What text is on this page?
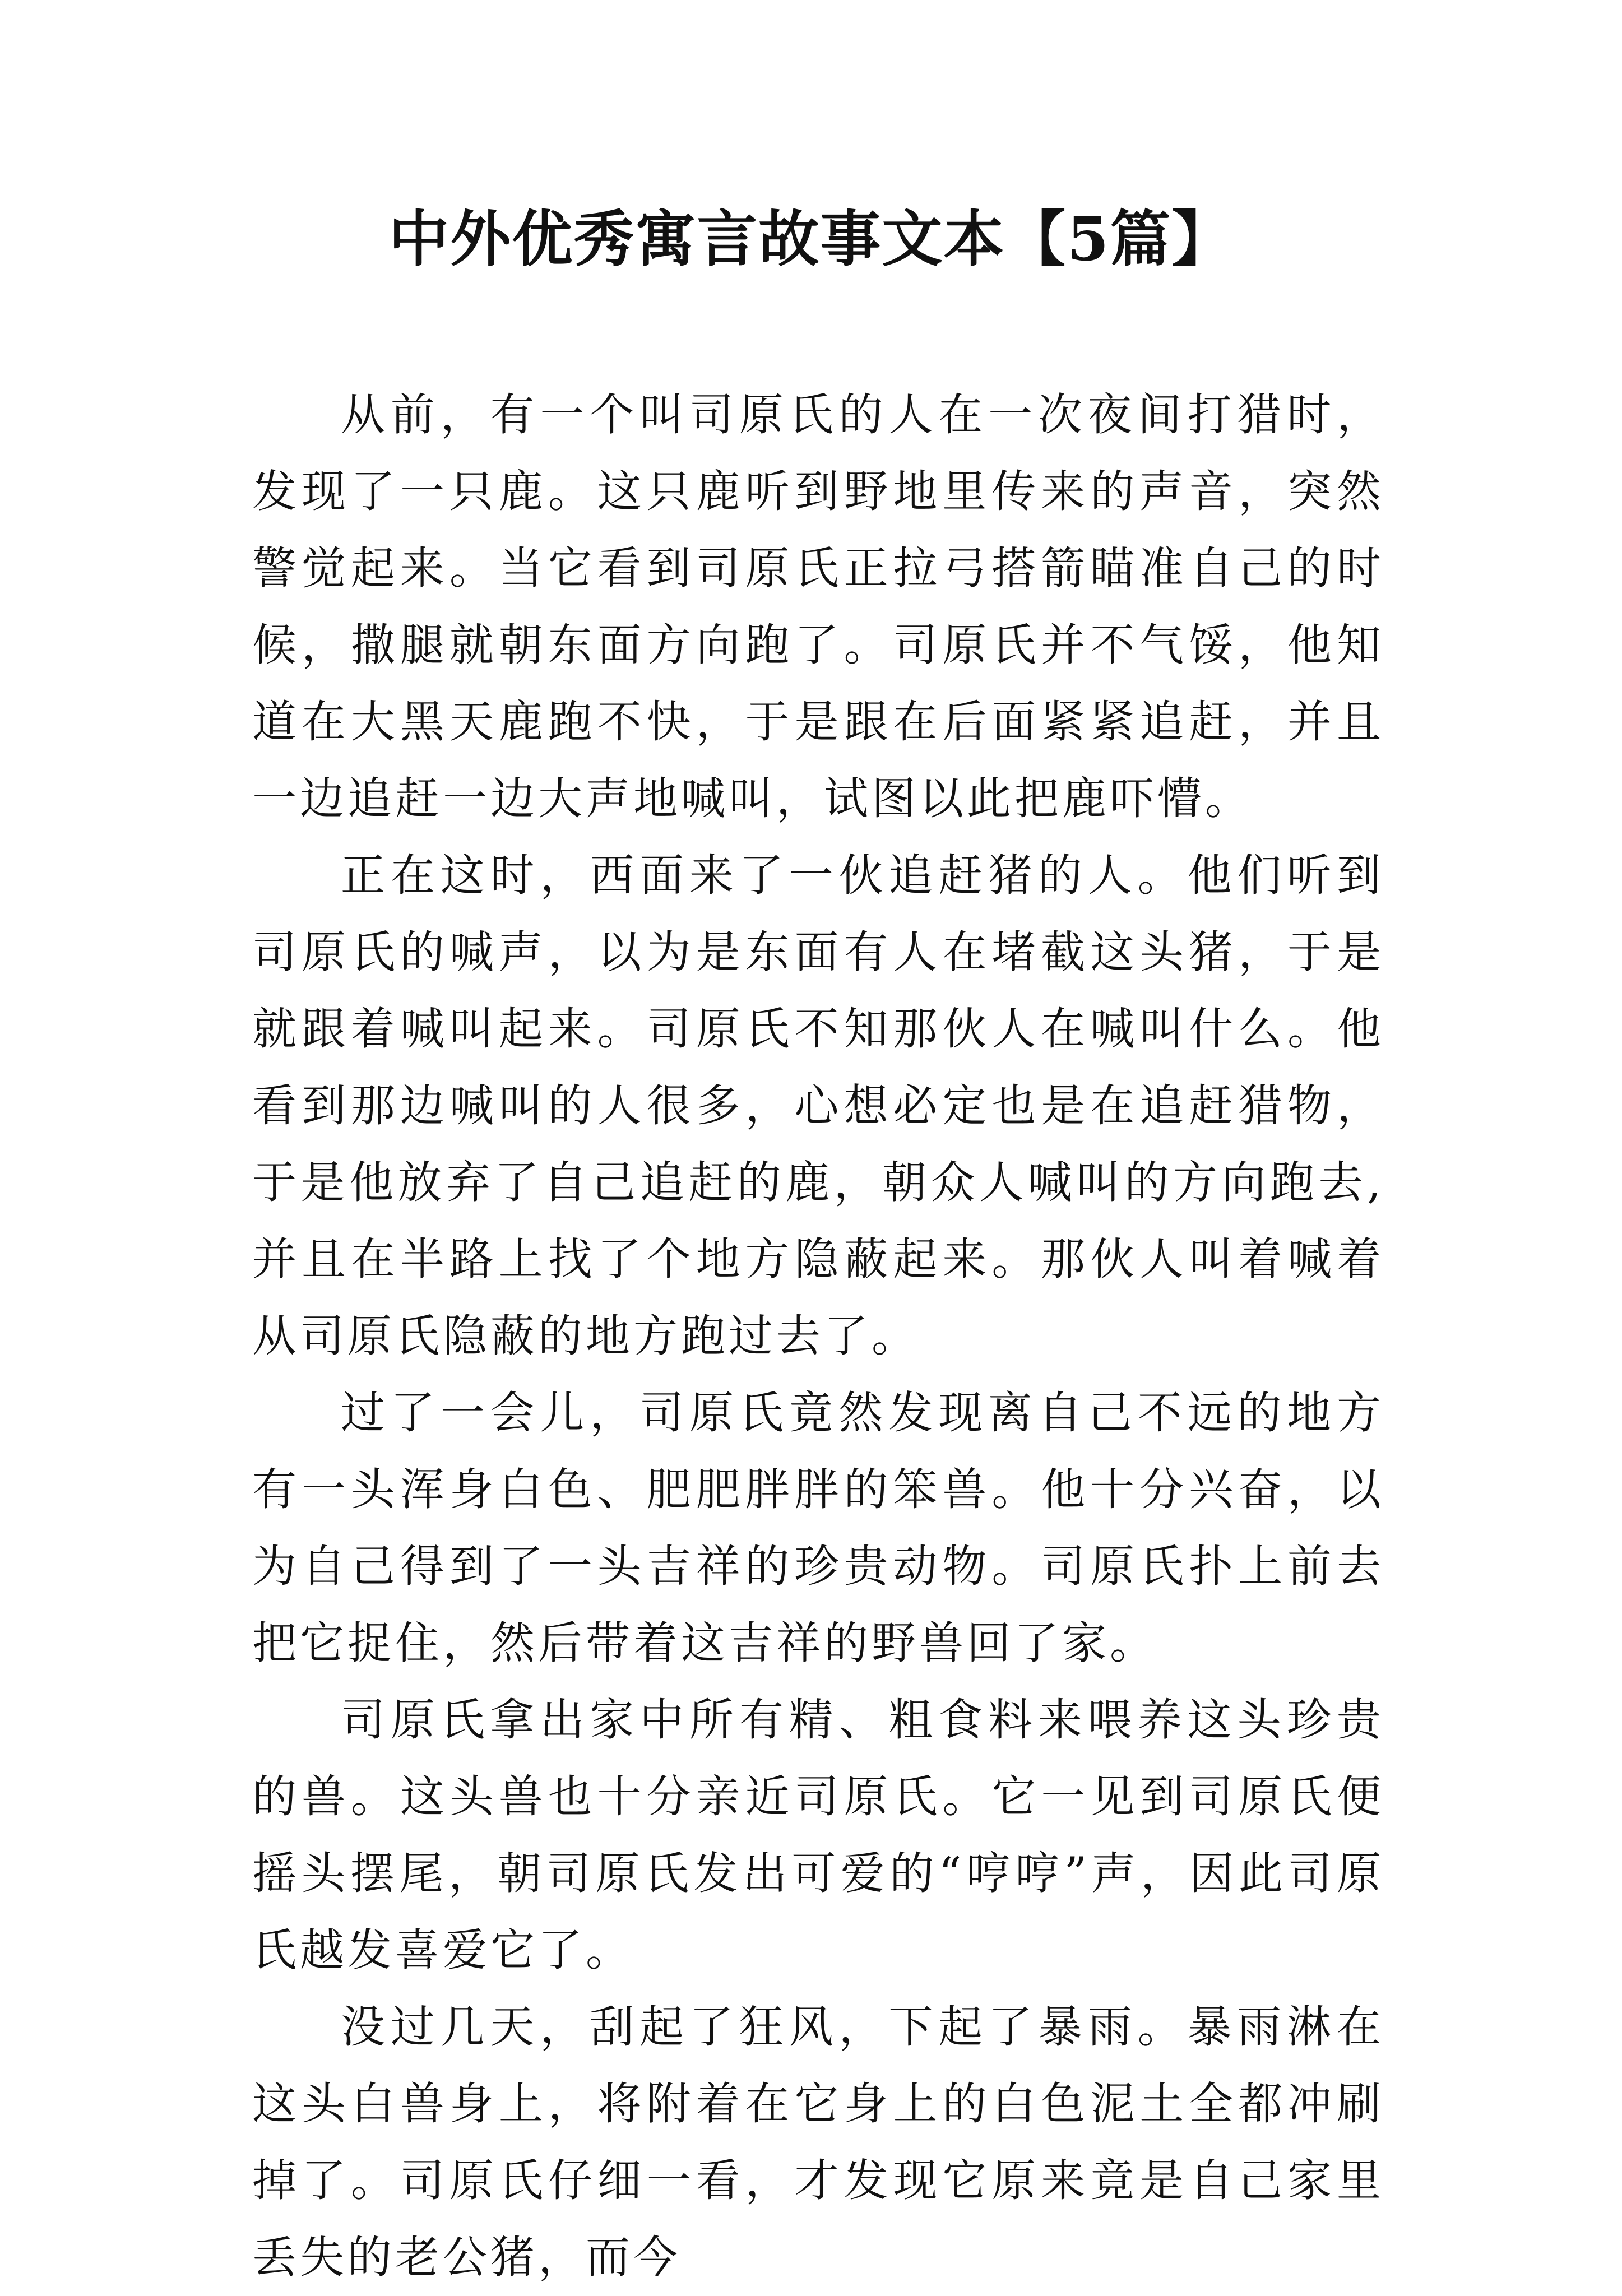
中外优秀寓言故事文本【5篇】

从前，有一个叫司原氏的人在一次夜间打猎时，发现了一只鹿。这只鹿听到野地里传来的声音，突然警觉起来。当它看到司原氏正拉弓搭箭瞄准自己的时候，撒腿就朝东面方向跑了。司原氏并不气馁，他知道在大黑天鹿跑不快，于是跟在后面紧紧追赶，并且一边追赶一边大声地喊叫，试图以此把鹿吓懵。

正在这时，西面来了一伙追赶猪的人。他们听到司原氏的喊声，以为是东面有人在堵截这头猪，于是就跟着喊叫起来。司原氏不知那伙人在喊叫什么。他看到那边喊叫的人很多，心想必定也是在追赶猎物，于是他放弃了自己追赶的鹿，朝众人喊叫的方向跑去,并且在半路上找了个地方隐蔽起来。那伙人叫着喊着从司原氏隐蔽的地方跑过去了。

过了一会儿，司原氏竟然发现离自己不远的地方有一头浑身白色、肥肥胖胖的笨兽。他十分兴奋，以为自己得到了一头吉祥的珍贵动物。司原氏扑上前去把它捉住，然后带着这吉祥的野兽回了家。

司原氏拿出家中所有精、粗食料来喂养这头珍贵的兽。这头兽也十分亲近司原氏。它一见到司原氏便摇头摆尾，朝司原氏发出可爱的“哼哼”声，因此司原氏越发喜爱它了。

没过几天，刮起了狂风，下起了暴雨。暴雨淋在这头白兽身上，将附着在它身上的白色泥土全都冲刷掉了。司原氏仔细一看，才发现它原来竟是自己家里丢失的老公猪，而今
